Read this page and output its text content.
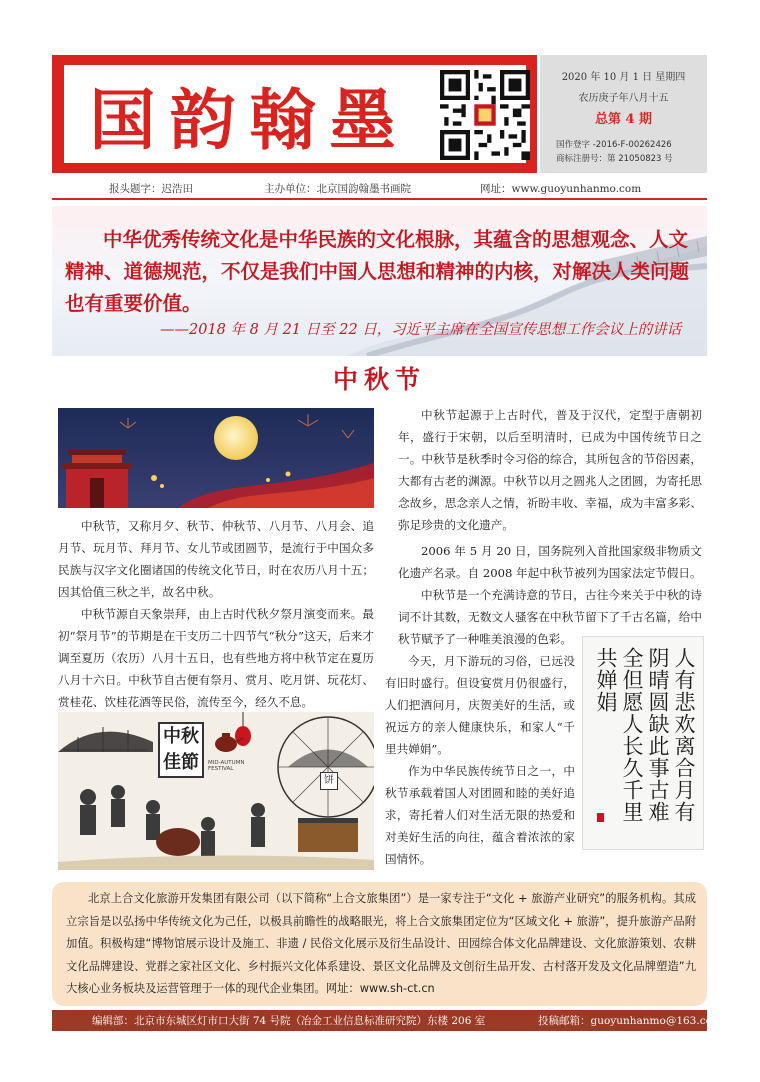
国韵翰墨
2020 年 10 月 1 日 星期四
农历庚子年八月十五
总第 4 期
国作登字 -2016-F-00262426
商标注册号：第 21050823 号
报头题字：迟浩田	主办单位：北京国韵翰墨书画院	网址：www.guoyunhanmo.com
中华优秀传统文化是中华民族的文化根脉，其蕴含的思想观念、人文精神、道德规范，不仅是我们中国人思想和精神的内核，对解决人类问题也有重要价值。
——2018 年 8 月 21 日至 22 日，习近平主席在全国宣传思想工作会议上的讲话
中秋节
中秋节起源于上古时代，普及于汉代，定型于唐朝初年，盛行于宋朝，以后至明清时，已成为中国传统节日之一。中秋节是秋季时令习俗的综合，其所包含的节俗因素，大都有古老的渊源。中秋节以月之圆兆人之团圆，为寄托思念故乡，思念亲人之情，祈盼丰收、幸福，成为丰富多彩、弥足珍贵的文化遗产。
2006 年 5 月 20 日，国务院列入首批国家级非物质文化遗产名录。自 2008 年起中秋节被列为国家法定节假日。
中秋节是一个充满诗意的节日，古往今来关于中秋的诗词不计其数，无数文人骚客在中秋节留下了千古名篇，给中秋节赋予了一种唯美浪漫的色彩。
今天，月下游玩的习俗，已远没有旧时盛行。但设宴赏月仍很盛行，人们把酒问月，庆贺美好的生活，或祝远方的亲人健康快乐，和家人“千里共婵娟”。
作为中华民族传统节日之一，中秋节承载着国人对团圆和睦的美好追求，寄托着人们对生活无限的热爱和对美好生活的向往，蕴含着浓浓的家国情怀。
中秋节，又称月夕、秋节、仲秋节、八月节、八月会、追月节、玩月节、拜月节、女儿节或团圆节，是流行于中国众多民族与汉字文化圈诸国的传统文化节日，时在农历八月十五；因其恰值三秋之半，故名中秋。
中秋节源自天象崇拜，由上古时代秋夕祭月演变而来。最初“祭月节”的节期是在干支历二十四节气“秋分”这天，后来才调至夏历（农历）八月十五日，也有些地方将中秋节定在夏历八月十六日。中秋节自古便有祭月、赏月、吃月饼、玩花灯、赏桂花、饮桂花酒等民俗，流传至今，经久不息。	人有悲欢离合月有阴晴圆缺此事古难全但愿人长久千里共婵娟
中秋
佳節	MID-AUTUMN
FESTIVAL
饼
北京上合文化旅游开发集团有限公司（以下简称“上合文旅集团”）是一家专注于“文化 + 旅游产业研究”的服务机构。其成立宗旨是以弘扬中华传统文化为己任，以极具前瞻性的战略眼光，将上合文旅集团定位为“区域文化 + 旅游”，提升旅游产品附加值。积极构建“博物馆展示设计及施工、非遗 / 民俗文化展示及衍生品设计、田园综合体文化品牌建设、文化旅游策划、农耕文化品牌建设、党群之家社区文化、乡村振兴文化体系建设、景区文化品牌及文创衍生品开发、古村落开发及文化品牌塑造”九大核心业务板块及运营管理于一体的现代企业集团。网址：www.sh-ct.cn
编辑部：北京市东城区灯市口大街 74 号院（冶金工业信息标准研究院）东楼 206 室	投稿邮箱：guoyunhanmo@163.com
